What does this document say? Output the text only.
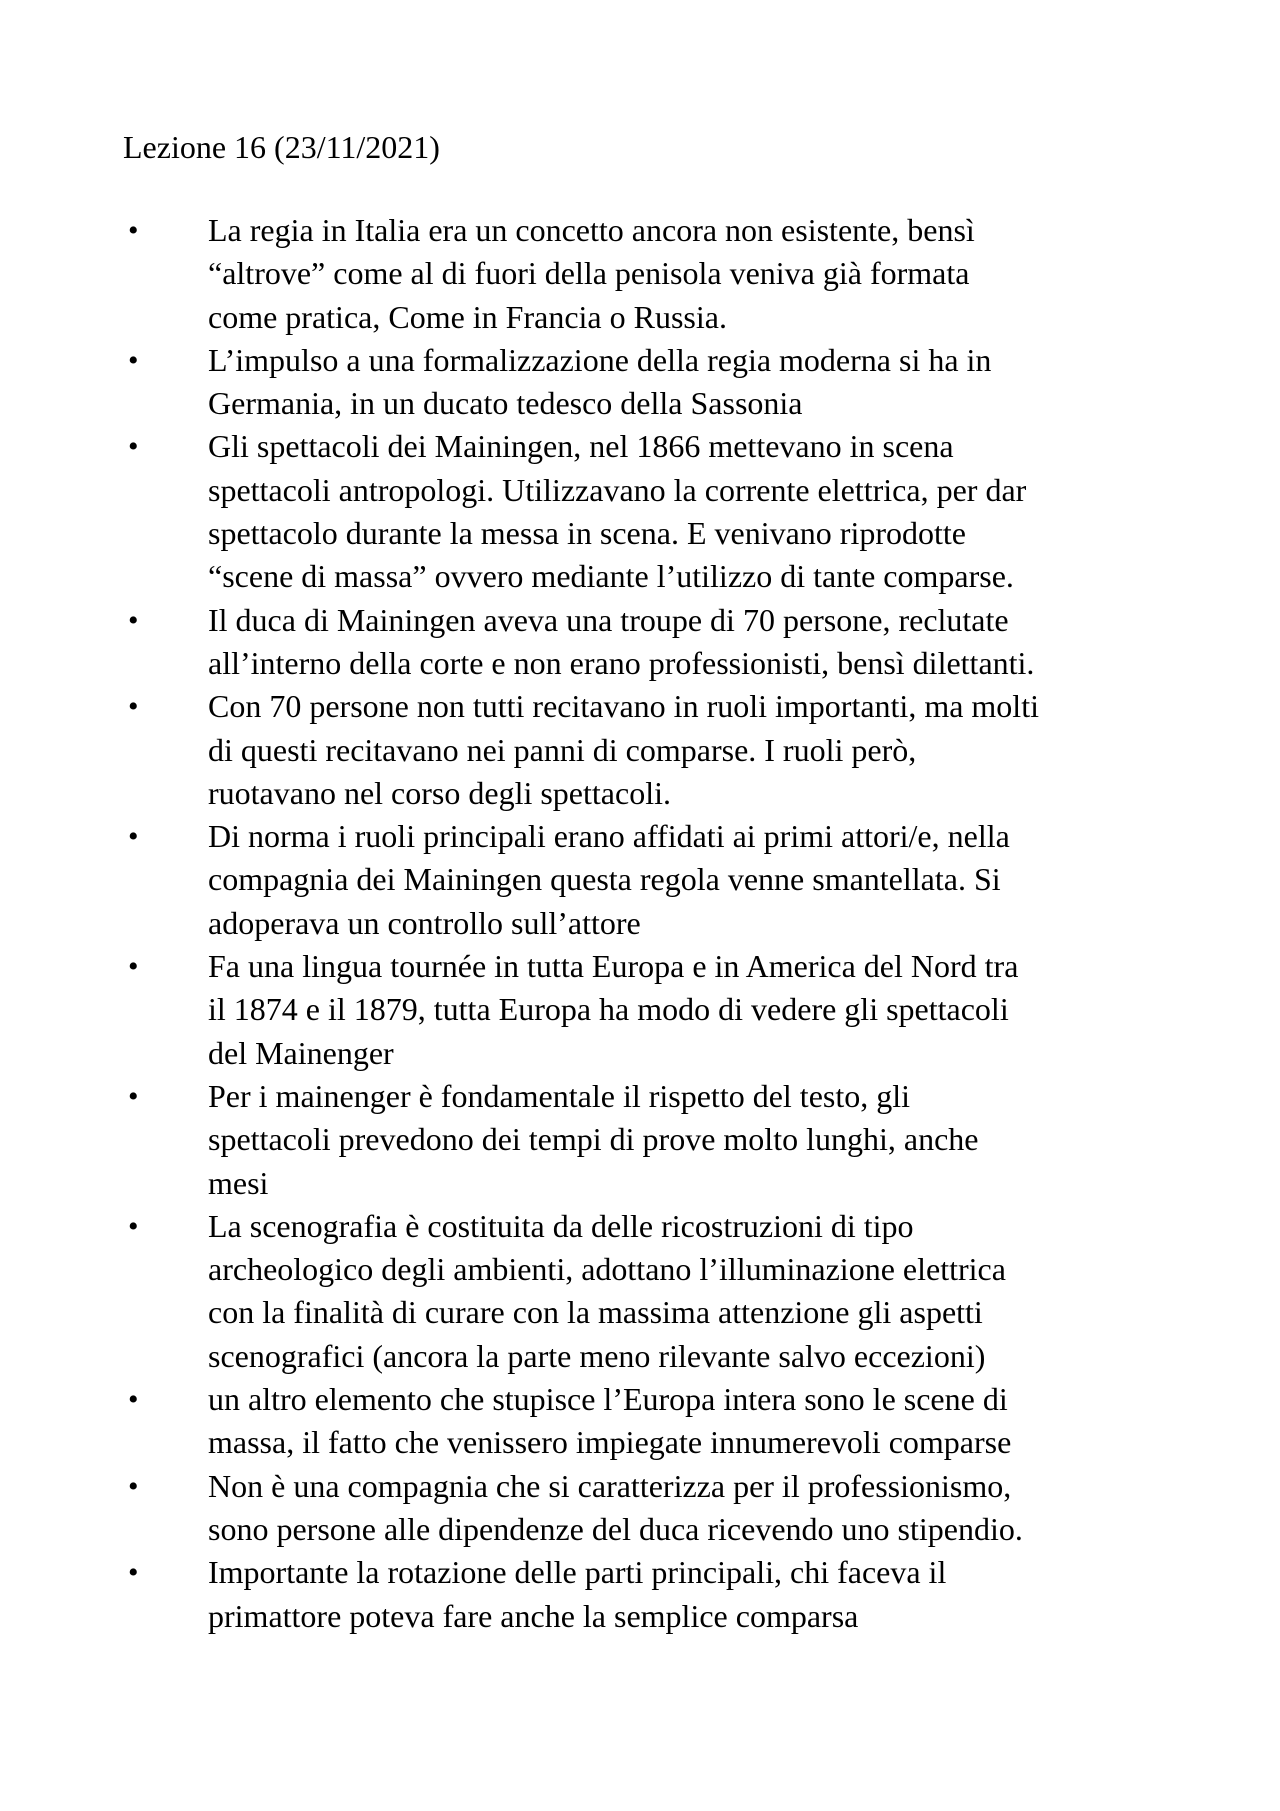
Lezione 16 (23/11/2021)
• La regia in Italia era un concetto ancora non esistente, bensì
“altrove” come al di fuori della penisola veniva già formata
come pratica, Come in Francia o Russia.
• L’impulso a una formalizzazione della regia moderna si ha in
Germania, in un ducato tedesco della Sassonia
• Gli spettacoli dei Mainingen, nel 1866 mettevano in scena
spettacoli antropologi. Utilizzavano la corrente elettrica, per dar
spettacolo durante la messa in scena. E venivano riprodotte
“scene di massa” ovvero mediante l’utilizzo di tante comparse.
• Il duca di Mainingen aveva una troupe di 70 persone, reclutate
all’interno della corte e non erano professionisti, bensì dilettanti.
• Con 70 persone non tutti recitavano in ruoli importanti, ma molti
di questi recitavano nei panni di comparse. I ruoli però,
ruotavano nel corso degli spettacoli.
• Di norma i ruoli principali erano affidati ai primi attori/e, nella
compagnia dei Mainingen questa regola venne smantellata. Si
adoperava un controllo sull’attore
• Fa una lingua tournée in tutta Europa e in America del Nord tra
il 1874 e il 1879, tutta Europa ha modo di vedere gli spettacoli
del Mainenger
• Per i mainenger è fondamentale il rispetto del testo, gli
spettacoli prevedono dei tempi di prove molto lunghi, anche
mesi
• La scenografia è costituita da delle ricostruzioni di tipo
archeologico degli ambienti, adottano l’illuminazione elettrica
con la finalità di curare con la massima attenzione gli aspetti
scenografici (ancora la parte meno rilevante salvo eccezioni)
• un altro elemento che stupisce l’Europa intera sono le scene di
massa, il fatto che venissero impiegate innumerevoli comparse
• Non è una compagnia che si caratterizza per il professionismo,
sono persone alle dipendenze del duca ricevendo uno stipendio.
• Importante la rotazione delle parti principali, chi faceva il
primattore poteva fare anche la semplice comparsa
